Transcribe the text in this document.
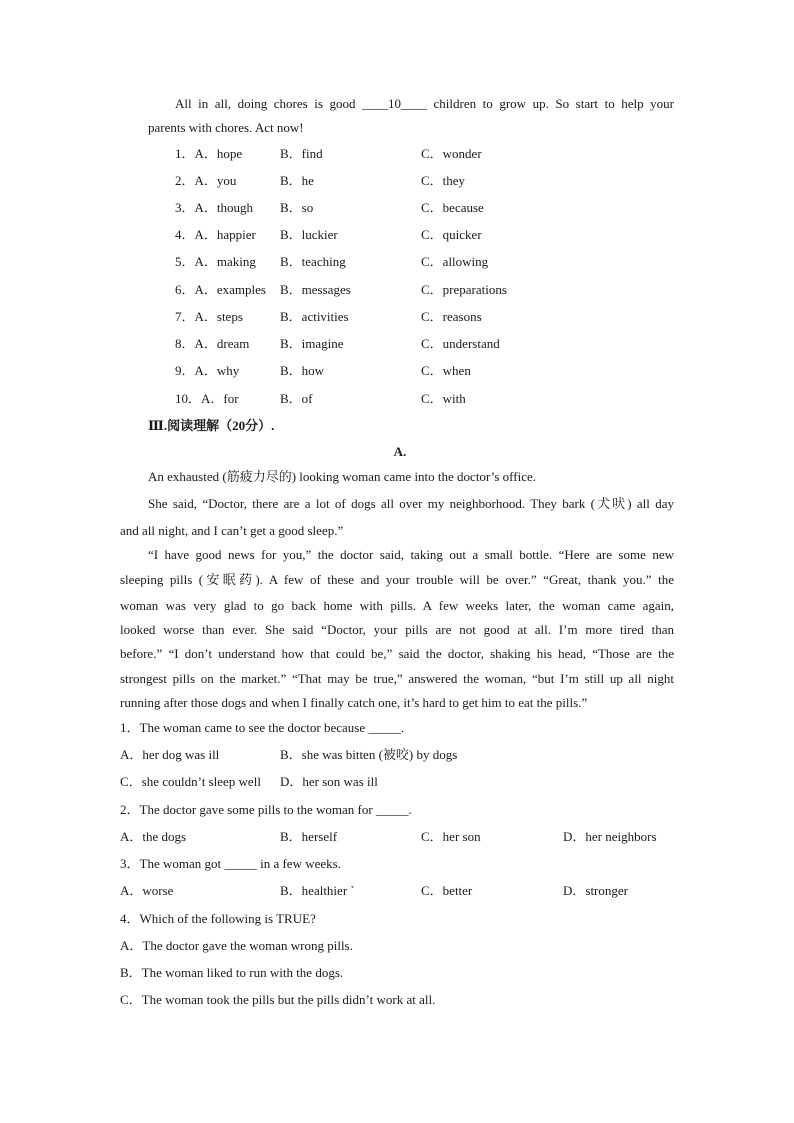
All in all, doing chores is good ____10____ children to grow up. So start to help your
parents with chores. Act now!
1．A．hope	B．find	C．wonder
2．A．you	B．he	C．they
3．A．though B．so	C．because
4．A．happier B．luckier	C．quicker
5．A．making B．teaching	C．allowing
6．A．examples B．messages	C．preparations
7．A．steps	B．activities	C．reasons
8．A．dream B．imagine	C．understand
9．A．why	B．how	C．when
10．A．for	B．of	C．with
Ⅲ.阅读理解（20分）.
A.
An exhausted (筋疲力尽的) looking woman came into the doctor’s office.
She said, “Doctor, there are a lot of dogs all over my neighborhood. They bark (犬吠) all day
and all night, and I can’t get a good sleep.”
“I have good news for you,” the doctor said, taking out a small bottle. “Here are some new
sleeping pills (安眠药). A few of these and your trouble will be over.” “Great, thank you.” the
woman was very glad to go back home with pills. A few weeks later, the woman came again,
looked worse than ever. She said “Doctor, your pills are not good at all. I’m more tired than
before.” “I don’t understand how that could be,” said the doctor, shaking his head, “Those are the
strongest pills on the market.” “That may be true,” answered the woman, “but I’m still up all night
running after those dogs and when I finally catch one, it’s hard to get him to eat the pills.”
1．The woman came to see the doctor because _____.
A．her dog was ill	B．she was bitten (被咬) by dogs
C．she couldn’t sleep well D．her son was ill
2．The doctor gave some pills to the woman for _____.
A．the dogs	B．herself	C．her son	D．her neighbors
3．The woman got _____ in a few weeks.
A．worse	B．healthier `	C．better	D．stronger
4．Which of the following is TRUE?
A．The doctor gave the woman wrong pills.
B．The woman liked to run with the dogs.
C．The woman took the pills but the pills didn’t work at all.
